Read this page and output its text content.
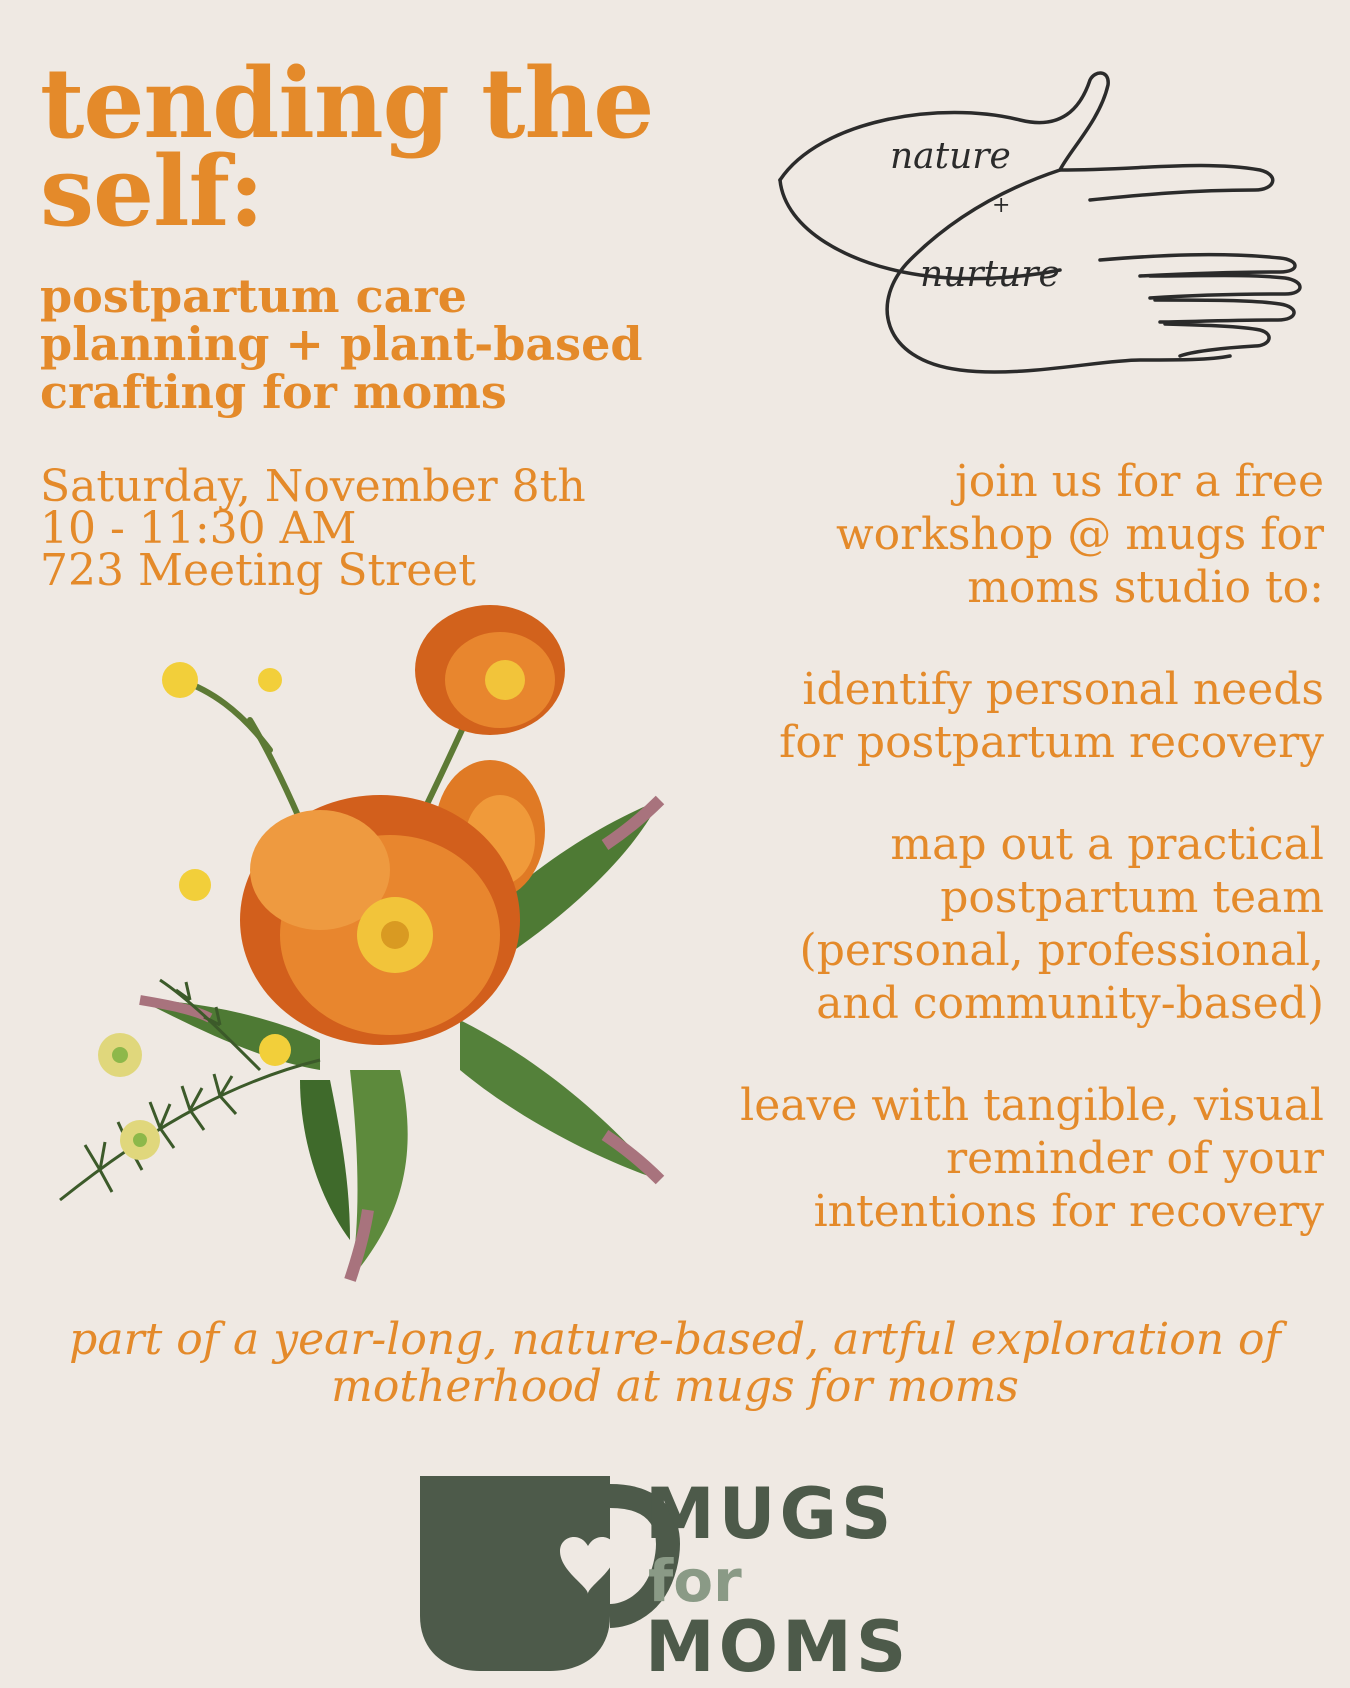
tending the
self:
postpartum care
planning + plant-based
crafting for moms
Saturday, November 8th
10 - 11:30 AM
723 Meeting Street
nature
+
nurture

join us for a free
workshop @ mugs for
moms studio to:

identify personal needs
for postpartum recovery

map out a practical
postpartum team
(personal, professional,
and community-based)

leave with tangible, visual
reminder of your
intentions for recovery

part of a year-long, nature-based, artful exploration of
motherhood at mugs for moms
MUGS
for
MOMS
